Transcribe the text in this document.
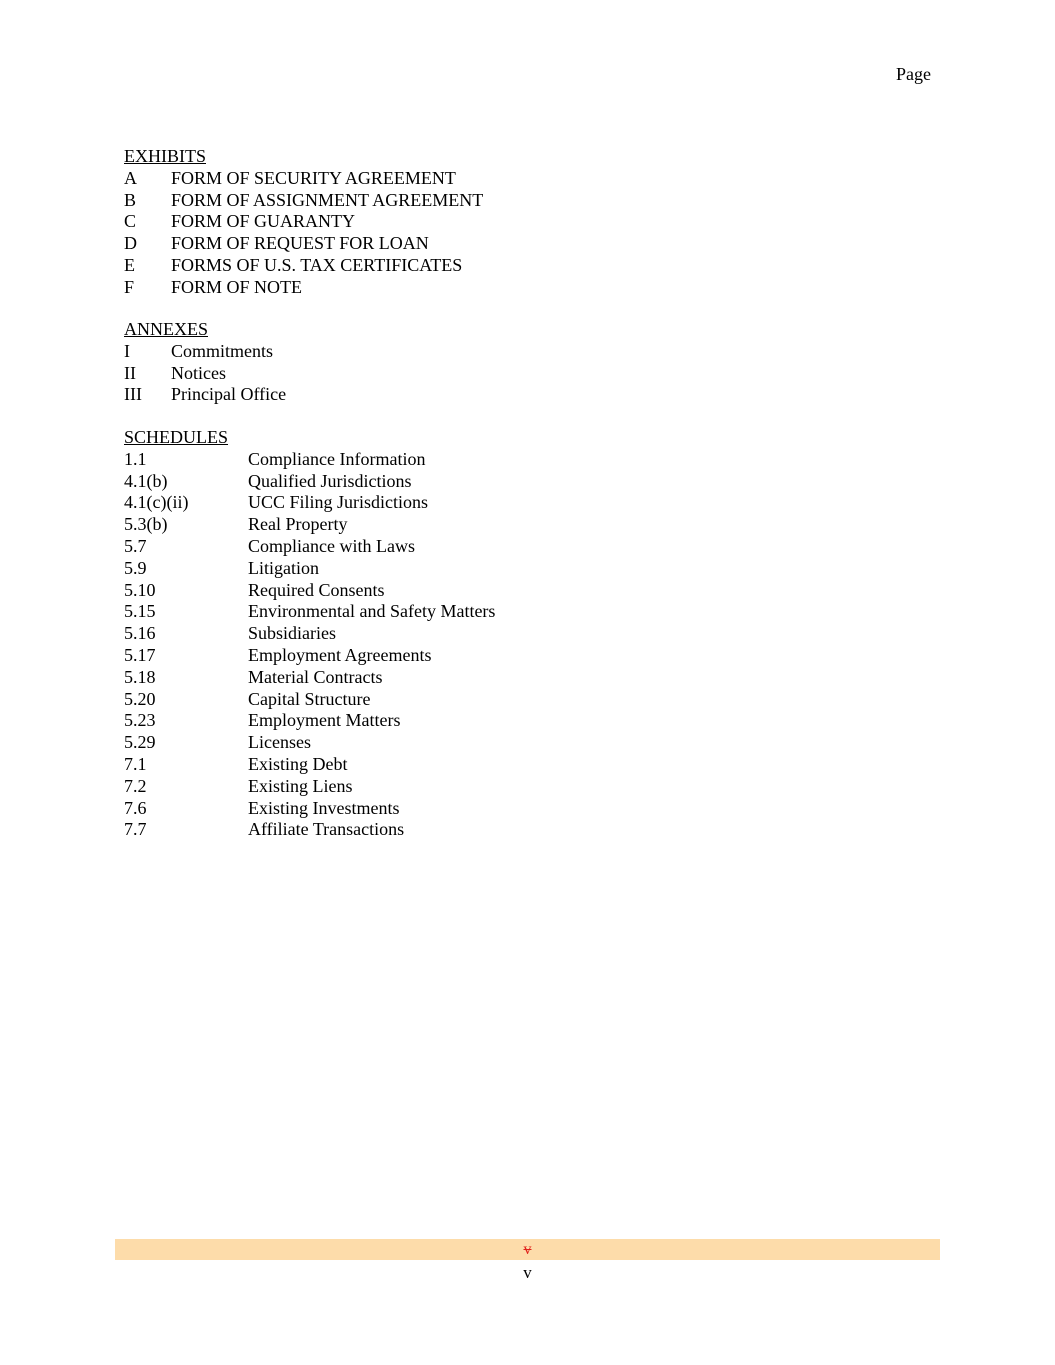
Page
EXHIBITS
A	FORM OF SECURITY AGREEMENT
B	FORM OF ASSIGNMENT AGREEMENT
C	FORM OF GUARANTY
D	FORM OF REQUEST FOR LOAN
E	FORMS OF U.S. TAX CERTIFICATES
F	FORM OF NOTE
ANNEXES
I	Commitments
II	Notices
III	Principal Office
SCHEDULES
1.1	Compliance Information
4.1(b)	Qualified Jurisdictions
4.1(c)(ii)	UCC Filing Jurisdictions
5.3(b)	Real Property
5.7	Compliance with Laws
5.9	Litigation
5.10	Required Consents
5.15	Environmental and Safety Matters
5.16	Subsidiaries
5.17	Employment Agreements
5.18	Material Contracts
5.20	Capital Structure
5.23	Employment Matters
5.29	Licenses
7.1	Existing Debt
7.2	Existing Liens
7.6	Existing Investments
7.7	Affiliate Transactions
v
v
